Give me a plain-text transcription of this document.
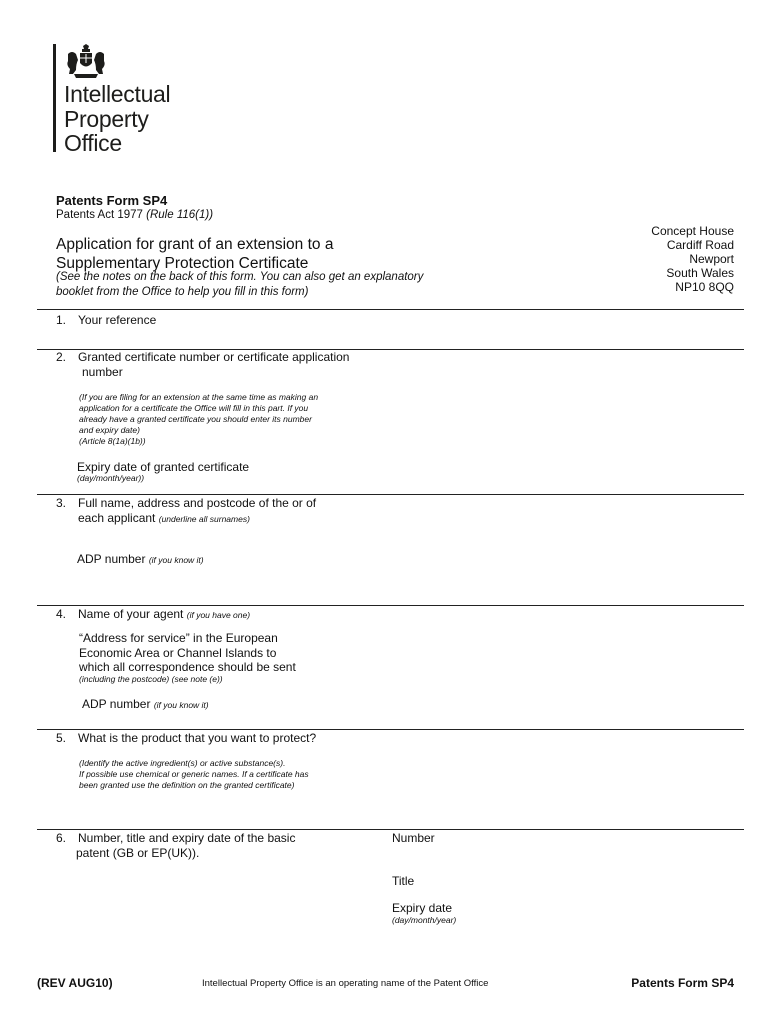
Intellectual
Property
Office
Patents Form SP4
Patents Act 1977 (Rule 116(1))
Application for grant of an extension to a
Supplementary Protection Certificate
(See the notes on the back of this form. You can also get an explanatory
booklet from the Office to help you fill in this form)
Concept House
Cardiff Road
Newport
South Wales
NP10 8QQ
1. Your reference
2. Granted certificate number or certificate application
number
(If you are filing for an extension at the same time as making an
application for a certificate the Office will fill in this part. If you
already have a granted certificate you should enter its number
and expiry date)
(Article 8(1a)(1b))
Expiry date of granted certificate
(day/month/year))
3. Full name, address and postcode of the or of
each applicant (underline all surnames)
ADP number (if you know it)
4. Name of your agent (if you have one)
“Address for service” in the European
Economic Area or Channel Islands to
which all correspondence should be sent
(including the postcode) (see note (e))
ADP number (if you know it)
5. What is the product that you want to protect?
(Identify the active ingredient(s) or active substance(s).
If possible use chemical or generic names. If a certificate has
been granted use the definition on the granted certificate)
6. Number, title and expiry date of the basic
patent (GB or EP(UK)).
Number
Title
Expiry date
(day/month/year)
(REV AUG10)	Intellectual Property Office is an operating name of the Patent Office	Patents Form SP4
